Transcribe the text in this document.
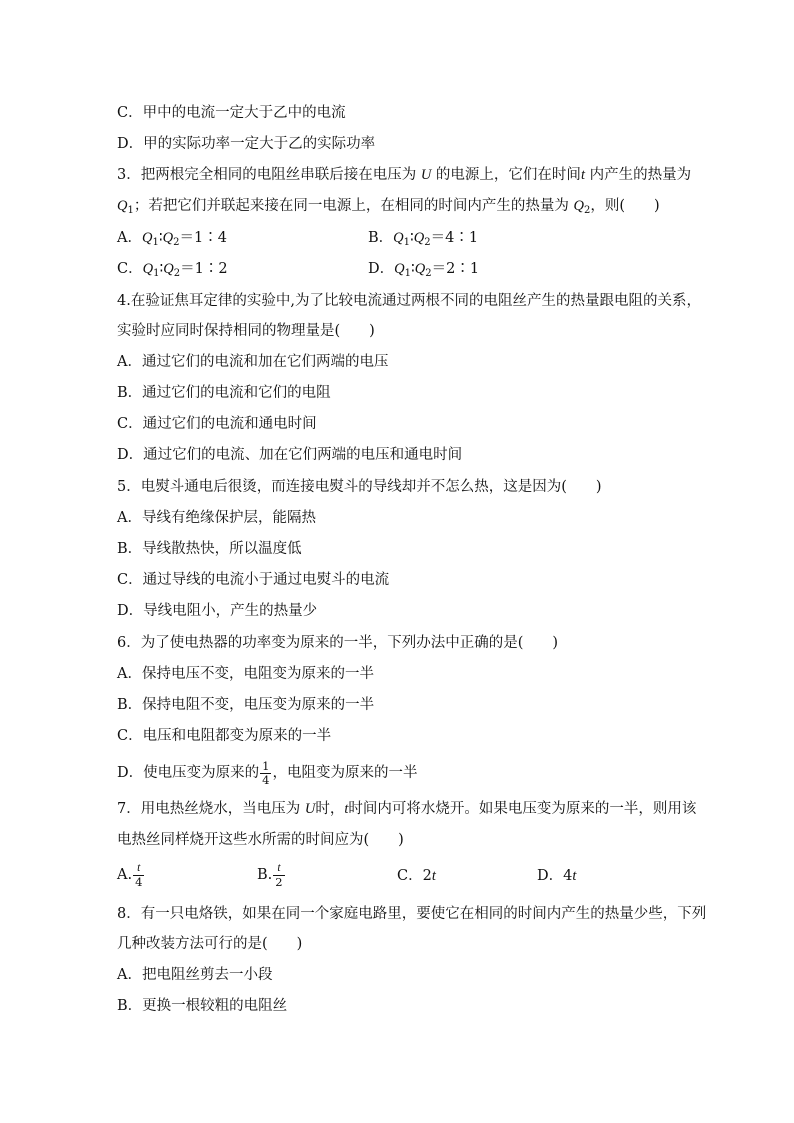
C．甲中的电流一定大于乙中的电流
D．甲的实际功率一定大于乙的实际功率
3．把两根完全相同的电阻丝串联后接在电压为 U 的电源上，它们在时间t 内产生的热量为
$Q_1$；若把它们并联起来接在同一电源上，在相同的时间内产生的热量为 $Q_2$，则(　　)
A．$Q_1∶Q_2=1∶4$	B．$Q_1∶Q_2=4∶1$
C．$Q_1∶Q_2=1∶2$	D．$Q_1∶Q_2=2∶1$
4.在验证焦耳定律的实验中,为了比较电流通过两根不同的电阻丝产生的热量跟电阻的关系，
实验时应同时保持相同的物理量是(　　)
A．通过它们的电流和加在它们两端的电压
B．通过它们的电流和它们的电阻
C．通过它们的电流和通电时间
D．通过它们的电流、加在它们两端的电压和通电时间
5．电熨斗通电后很烫，而连接电熨斗的导线却并不怎么热，这是因为(　　)
A．导线有绝缘保护层，能隔热
B．导线散热快，所以温度低
C．通过导线的电流小于通过电熨斗的电流
D．导线电阻小，产生的热量少
6．为了使电热器的功率变为原来的一半，下列办法中正确的是(　　)
A．保持电压不变，电阻变为原来的一半
B．保持电阻不变，电压变为原来的一半
C．电压和电阻都变为原来的一半
D．使电压变为原来的 $\frac{1}{4}$ ，电阻变为原来的一半
7．用电热丝烧水，当电压为 U时，t时间内可将水烧开。如果电压变为原来的一半，则用该
电热丝同样烧开这些水所需的时间应为(　　)
A. $\frac{t}{4}$	B. $\frac{t}{2}$	C．2t	D．4t
8．有一只电烙铁，如果在同一个家庭电路里，要使它在相同的时间内产生的热量少些，下列
几种改装方法可行的是(　　)
A．把电阻丝剪去一小段
B．更换一根较粗的电阻丝
